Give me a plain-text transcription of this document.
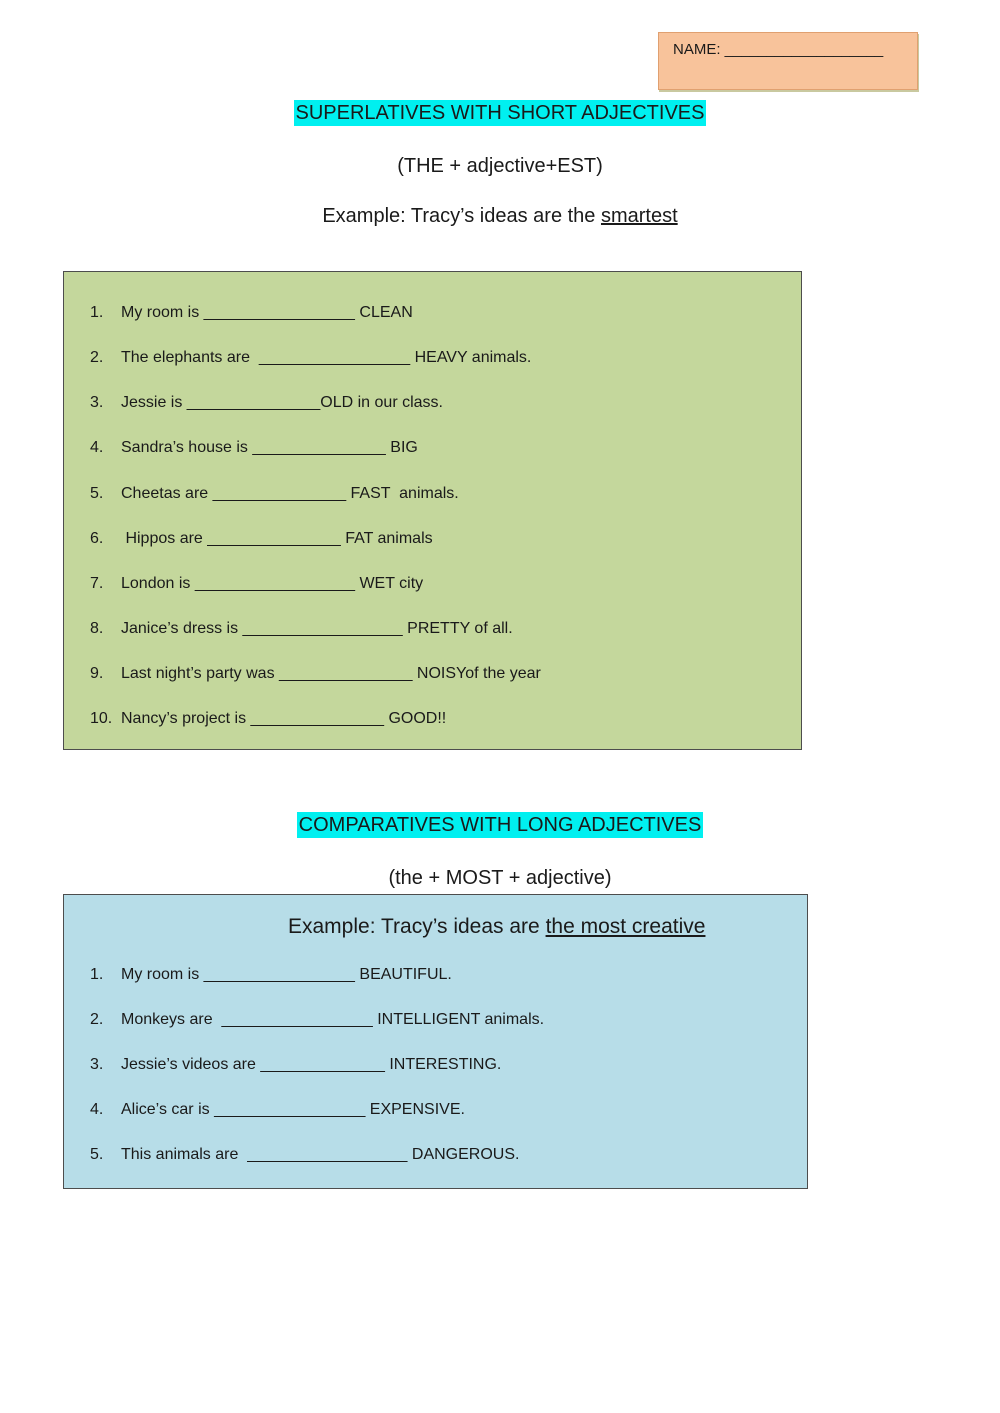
NAME: ___________________
SUPERLATIVES WITH SHORT ADJECTIVES
(THE + adjective+EST)
Example: Tracy’s ideas are the smartest
1. My room is _________________ CLEAN
2. The elephants are  _________________ HEAVY animals.
3. Jessie is _______________OLD in our class.
4. Sandra’s house is _______________ BIG
5. Cheetas are _______________ FAST  animals.
6. Hippos are _______________ FAT animals
7. London is __________________ WET city
8. Janice’s dress is __________________ PRETTY of all.
9. Last night’s party was _______________ NOISYof the year
10. Nancy’s project is _______________ GOOD!!
COMPARATIVES WITH LONG ADJECTIVES
(the + MOST + adjective)
Example: Tracy’s ideas are the most creative
1. My room is _________________ BEAUTIFUL.
2. Monkeys are  _________________ INTELLIGENT animals.
3. Jessie’s videos are ______________ INTERESTING.
4. Alice’s car is _________________ EXPENSIVE.
5. This animals are  __________________ DANGEROUS.
